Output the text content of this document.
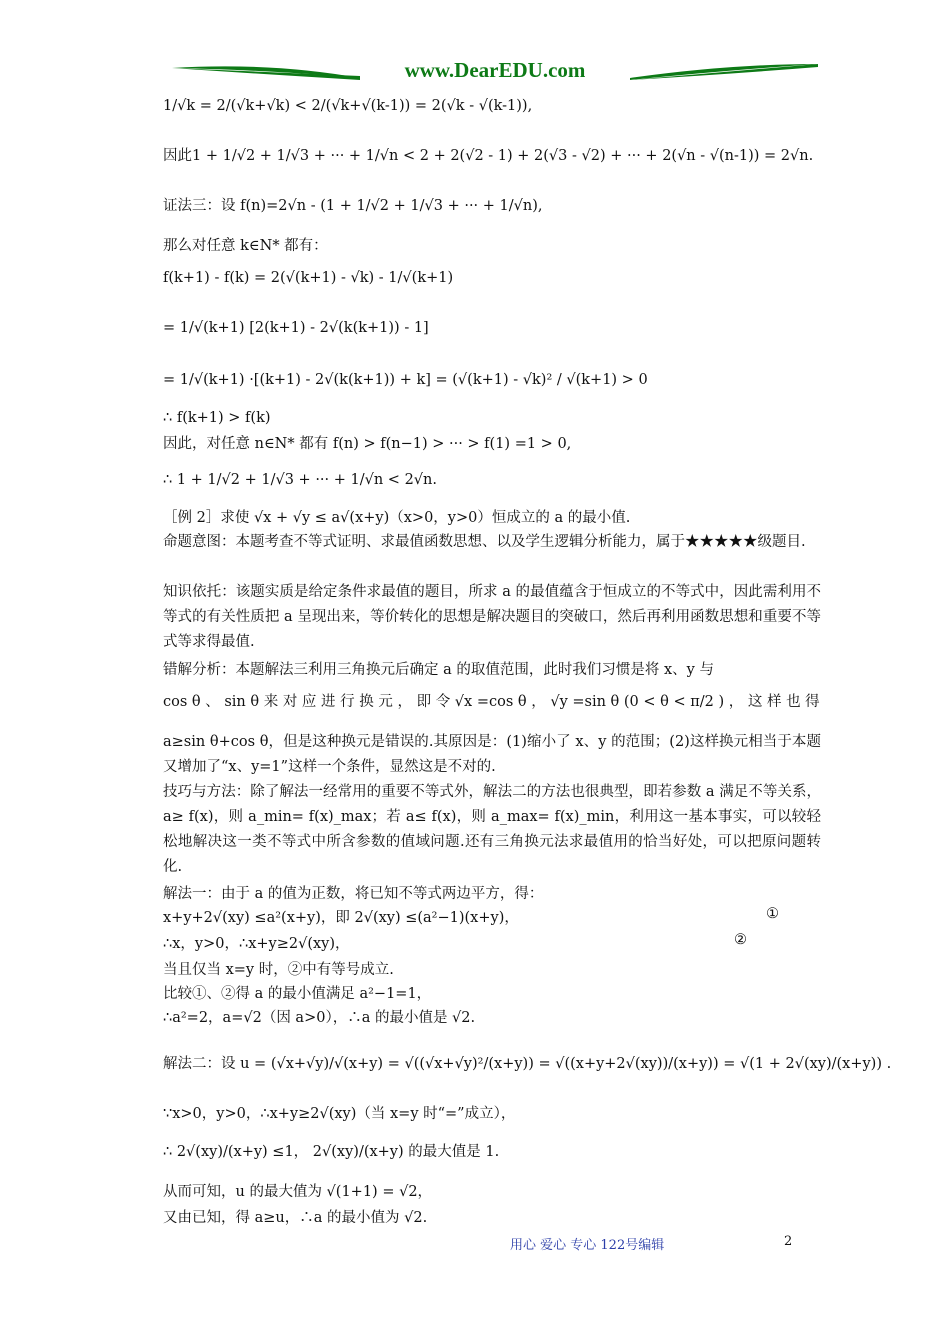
www.DearEDU.com
1/√k = 2/(√k+√k) < 2/(√k+√(k-1)) = 2(√k - √(k-1)),
因此1 + 1/√2 + 1/√3 + ··· + 1/√n < 2 + 2(√2 - 1) + 2(√3 - √2) + ··· + 2(√n - √(n-1)) = 2√n.
证法三：设 f(n)=2√n - (1 + 1/√2 + 1/√3 + ··· + 1/√n),
那么对任意 k∈N* 都有：
f(k+1) - f(k) = 2(√(k+1) - √k) - 1/√(k+1)
= 1/√(k+1) [2(k+1) - 2√(k(k+1)) - 1]
= 1/√(k+1) ·[(k+1) - 2√(k(k+1)) + k] = (√(k+1) - √k)² / √(k+1) > 0
∴ f(k+1) > f(k)
因此，对任意 n∈N* 都有 f(n) > f(n−1) > ··· > f(1) =1 > 0,
∴ 1 + 1/√2 + 1/√3 + ··· + 1/√n < 2√n.
［例 2］求使 √x + √y ≤ a√(x+y)（x>0，y>0）恒成立的 a 的最小值.
命题意图：本题考查不等式证明、求最值函数思想、以及学生逻辑分析能力，属于★★★★★级题目.
知识依托：该题实质是给定条件求最值的题目，所求 a 的最值蕴含于恒成立的不等式中，因此需利用不等式的有关性质把 a 呈现出来，等价转化的思想是解决题目的突破口，然后再利用函数思想和重要不等式等求得最值.
错解分析：本题解法三利用三角换元后确定 a 的取值范围，此时我们习惯是将 x、y 与
cos θ 、 sin θ 来 对 应 进 行 换 元 ， 即 令 √x =cos θ ， √y =sin θ (0 < θ < π/2 ) ， 这 样 也 得
a≥sin θ+cos θ，但是这种换元是错误的.其原因是：(1)缩小了 x、y 的范围；(2)这样换元相当于本题又增加了“x、y=1”这样一个条件，显然这是不对的.
技巧与方法：除了解法一经常用的重要不等式外，解法二的方法也很典型，即若参数 a 满足不等关系，a≥ f(x)，则 a_min= f(x)_max；若 a≤ f(x)，则 a_max= f(x)_min，利用这一基本事实，可以较轻松地解决这一类不等式中所含参数的值域问题.还有三角换元法求最值用的恰当好处，可以把原问题转化.
解法一：由于 a 的值为正数，将已知不等式两边平方，得：
x+y+2√(xy) ≤a²(x+y)，即 2√(xy) ≤(a²−1)(x+y)，	①
∴x，y>0，∴x+y≥2√(xy)，	②
当且仅当 x=y 时，②中有等号成立.
比较①、②得 a 的最小值满足 a²−1=1，
∴a²=2，a=√2（因 a>0），∴a 的最小值是 √2.
解法二：设 u = (√x+√y)/√(x+y) = √((√x+√y)²/(x+y)) = √((x+y+2√(xy))/(x+y)) = √(1 + 2√(xy)/(x+y)) .
∵x>0，y>0，∴x+y≥2√(xy)（当 x=y 时“=”成立），
∴ 2√(xy)/(x+y) ≤1， 2√(xy)/(x+y) 的最大值是 1.
从而可知，u 的最大值为 √(1+1) = √2，
又由已知，得 a≥u，∴a 的最小值为 √2.
用心 爱心 专心 122号编辑	2
